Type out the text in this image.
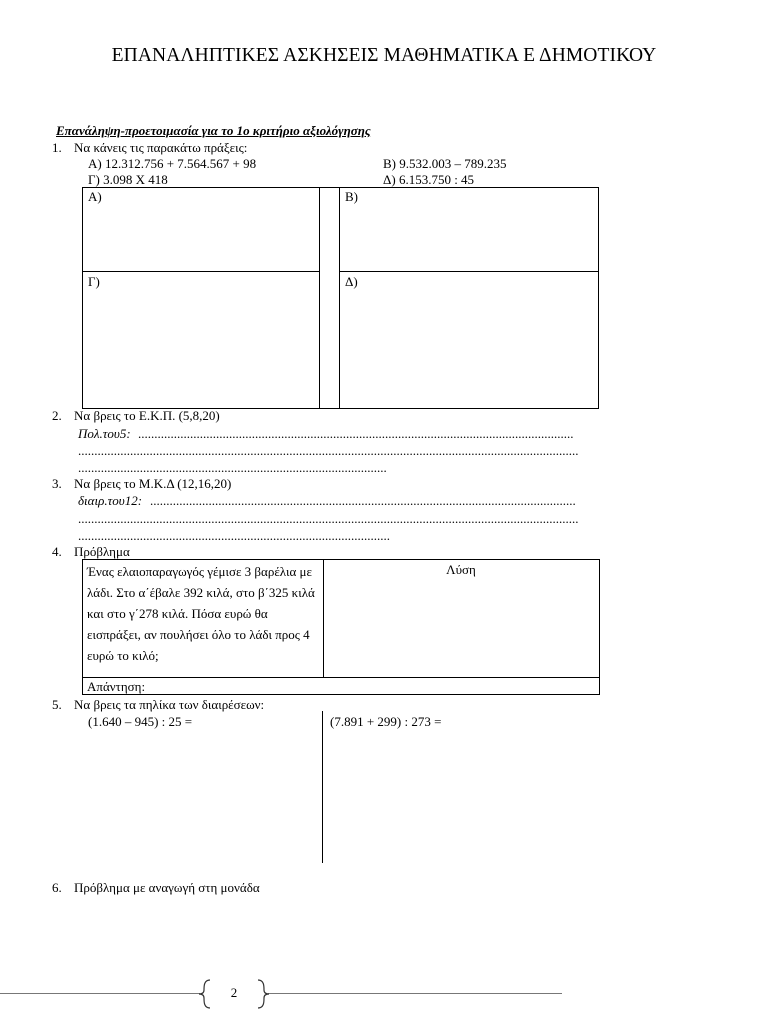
ΕΠΑΝΑΛΗΠΤΙΚΕΣ ΑΣΚΗΣΕΙΣ ΜΑΘΗΜΑΤΙΚΑ Ε ΔΗΜΟΤΙΚΟΥ
Επανάληψη-προετοιμασία για το 1ο κριτήριο αξιολόγησης
1. Να κάνεις τις παρακάτω πράξεις:
Α) 12.312.756 + 7.564.567 + 98	Β) 9.532.003 – 789.235
Γ) 3.098 Χ 418	Δ) 6.153.750 : 45
Α)	Β)
Γ)	Δ)
2. Να βρεις το Ε.Κ.Π. (5,8,20)
Πολ.του5: ......................................................................................................................................
..........................................................................................................................................................
...............................................................................................
3. Να βρεις το Μ.Κ.Δ (12,16,20)
διαιρ.του12: ...................................................................................................................................
..........................................................................................................................................................
................................................................................................
4. Πρόβλημα
Ένας ελαιοπαραγωγός γέμισε 3 βαρέλια με λάδι. Στο α΄έβαλε 392 κιλά, στο β΄325 κιλά και στο γ΄278 κιλά. Πόσα ευρώ θα εισπράξει, αν πουλήσει όλο το λάδι προς 4 ευρώ το κιλό;
Λύση
Απάντηση:
5. Να βρεις τα πηλίκα των διαιρέσεων:
(1.640 – 945) : 25 =	(7.891 + 299) : 273 =
6. Πρόβλημα με αναγωγή στη μονάδα
2
